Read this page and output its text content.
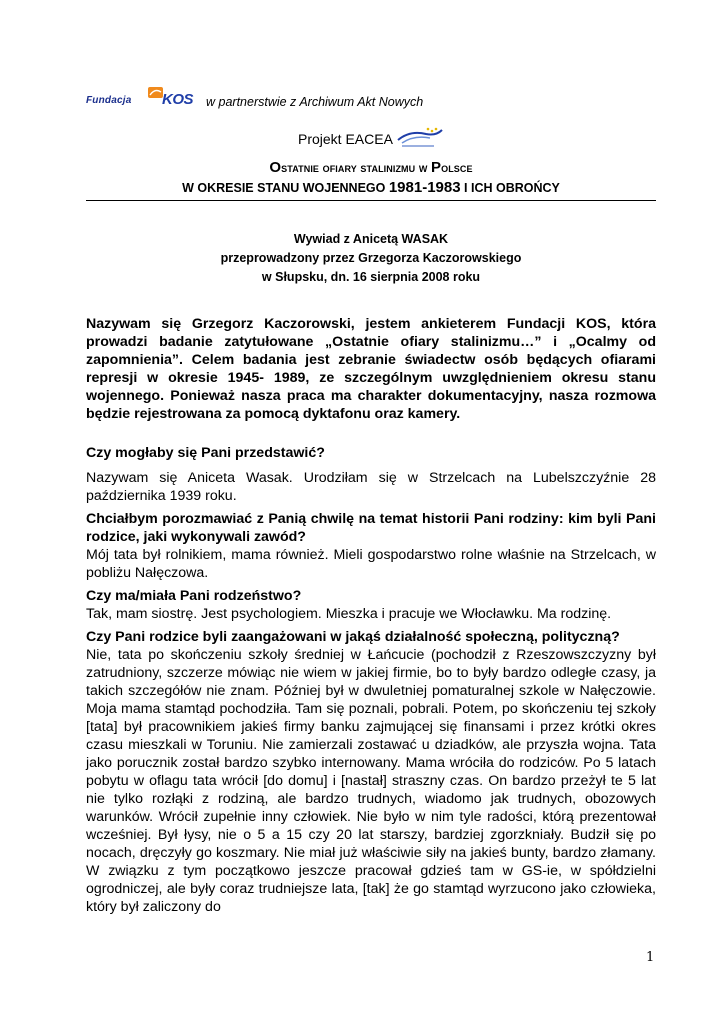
Fundacja KOS w partnerstwie z Archiwum Akt Nowych
Projekt EACEA
Ostatnie ofiary stalinizmu w Polsce
W OKRESIE STANU WOJENNEGO 1981-1983 I ICH OBROŃCY
Wywiad z Anicetą WASAK
przeprowadzony przez Grzegorza Kaczorowskiego
w Słupsku, dn. 16 sierpnia 2008 roku
Nazywam się Grzegorz Kaczorowski, jestem ankieterem Fundacji KOS, która prowadzi badanie zatytułowane „Ostatnie ofiary stalinizmu…” i „Ocalmy od zapomnienia”. Celem badania jest zebranie świadectw osób będących ofiarami represji w okresie 1945- 1989, ze szczególnym uwzględnieniem okresu stanu wojennego. Ponieważ nasza praca ma charakter dokumentacyjny, nasza rozmowa będzie rejestrowana za pomocą dyktafonu oraz kamery.

Czy mogłaby się Pani przedstawić?

Nazywam się Aniceta Wasak. Urodziłam się w Strzelcach na Lubelszczyźnie 28 października 1939 roku.

Chciałbym porozmawiać z Panią chwilę na temat historii Pani rodziny: kim byli Pani rodzice, jaki wykonywali zawód?

Mój tata był rolnikiem, mama również. Mieli gospodarstwo rolne właśnie na Strzelcach, w pobliżu Nałęczowa.

Czy ma/miała Pani rodzeństwo?

Tak, mam siostrę. Jest psychologiem. Mieszka i pracuje we Włocławku. Ma rodzinę.

Czy Pani rodzice byli zaangażowani w jakąś działalność społeczną, polityczną?

Nie, tata po skończeniu szkoły średniej w Łańcucie (pochodził z Rzeszowszczyzny był zatrudniony, szczerze mówiąc nie wiem w jakiej firmie, bo to były bardzo odległe czasy, ja takich szczegółów nie znam. Później był w dwuletniej pomaturalnej szkole w Nałęczowie. Moja mama stamtąd pochodziła. Tam się poznali, pobrali. Potem, po skończeniu tej szkoły [tata] był pracownikiem jakieś firmy banku zajmującej się finansami i przez krótki okres czasu mieszkali w Toruniu. Nie zamierzali zostawać u dziadków, ale przyszła wojna. Tata jako porucznik został bardzo szybko internowany. Mama wróciła do rodziców. Po 5 latach pobytu w oflagu tata wrócił [do domu] i [nastał] straszny czas. On bardzo przeżył te 5 lat nie tylko rozłąki z rodziną, ale bardzo trudnych, wiadomo jak trudnych, obozowych warunków. Wrócił zupełnie inny człowiek. Nie było w nim tyle radości, którą prezentował wcześniej. Był łysy, nie o 5 a 15 czy 20 lat starszy, bardziej zgorzkniały. Budził się po nocach, dręczyły go koszmary. Nie miał już właściwie siły na jakieś bunty, bardzo złamany. W związku z tym początkowo jeszcze pracował gdzieś tam w GS-ie, w spółdzielni ogrodniczej, ale były coraz trudniejsze lata, [tak] że go stamtąd wyrzucono jako człowieka, który był zaliczony do

1
